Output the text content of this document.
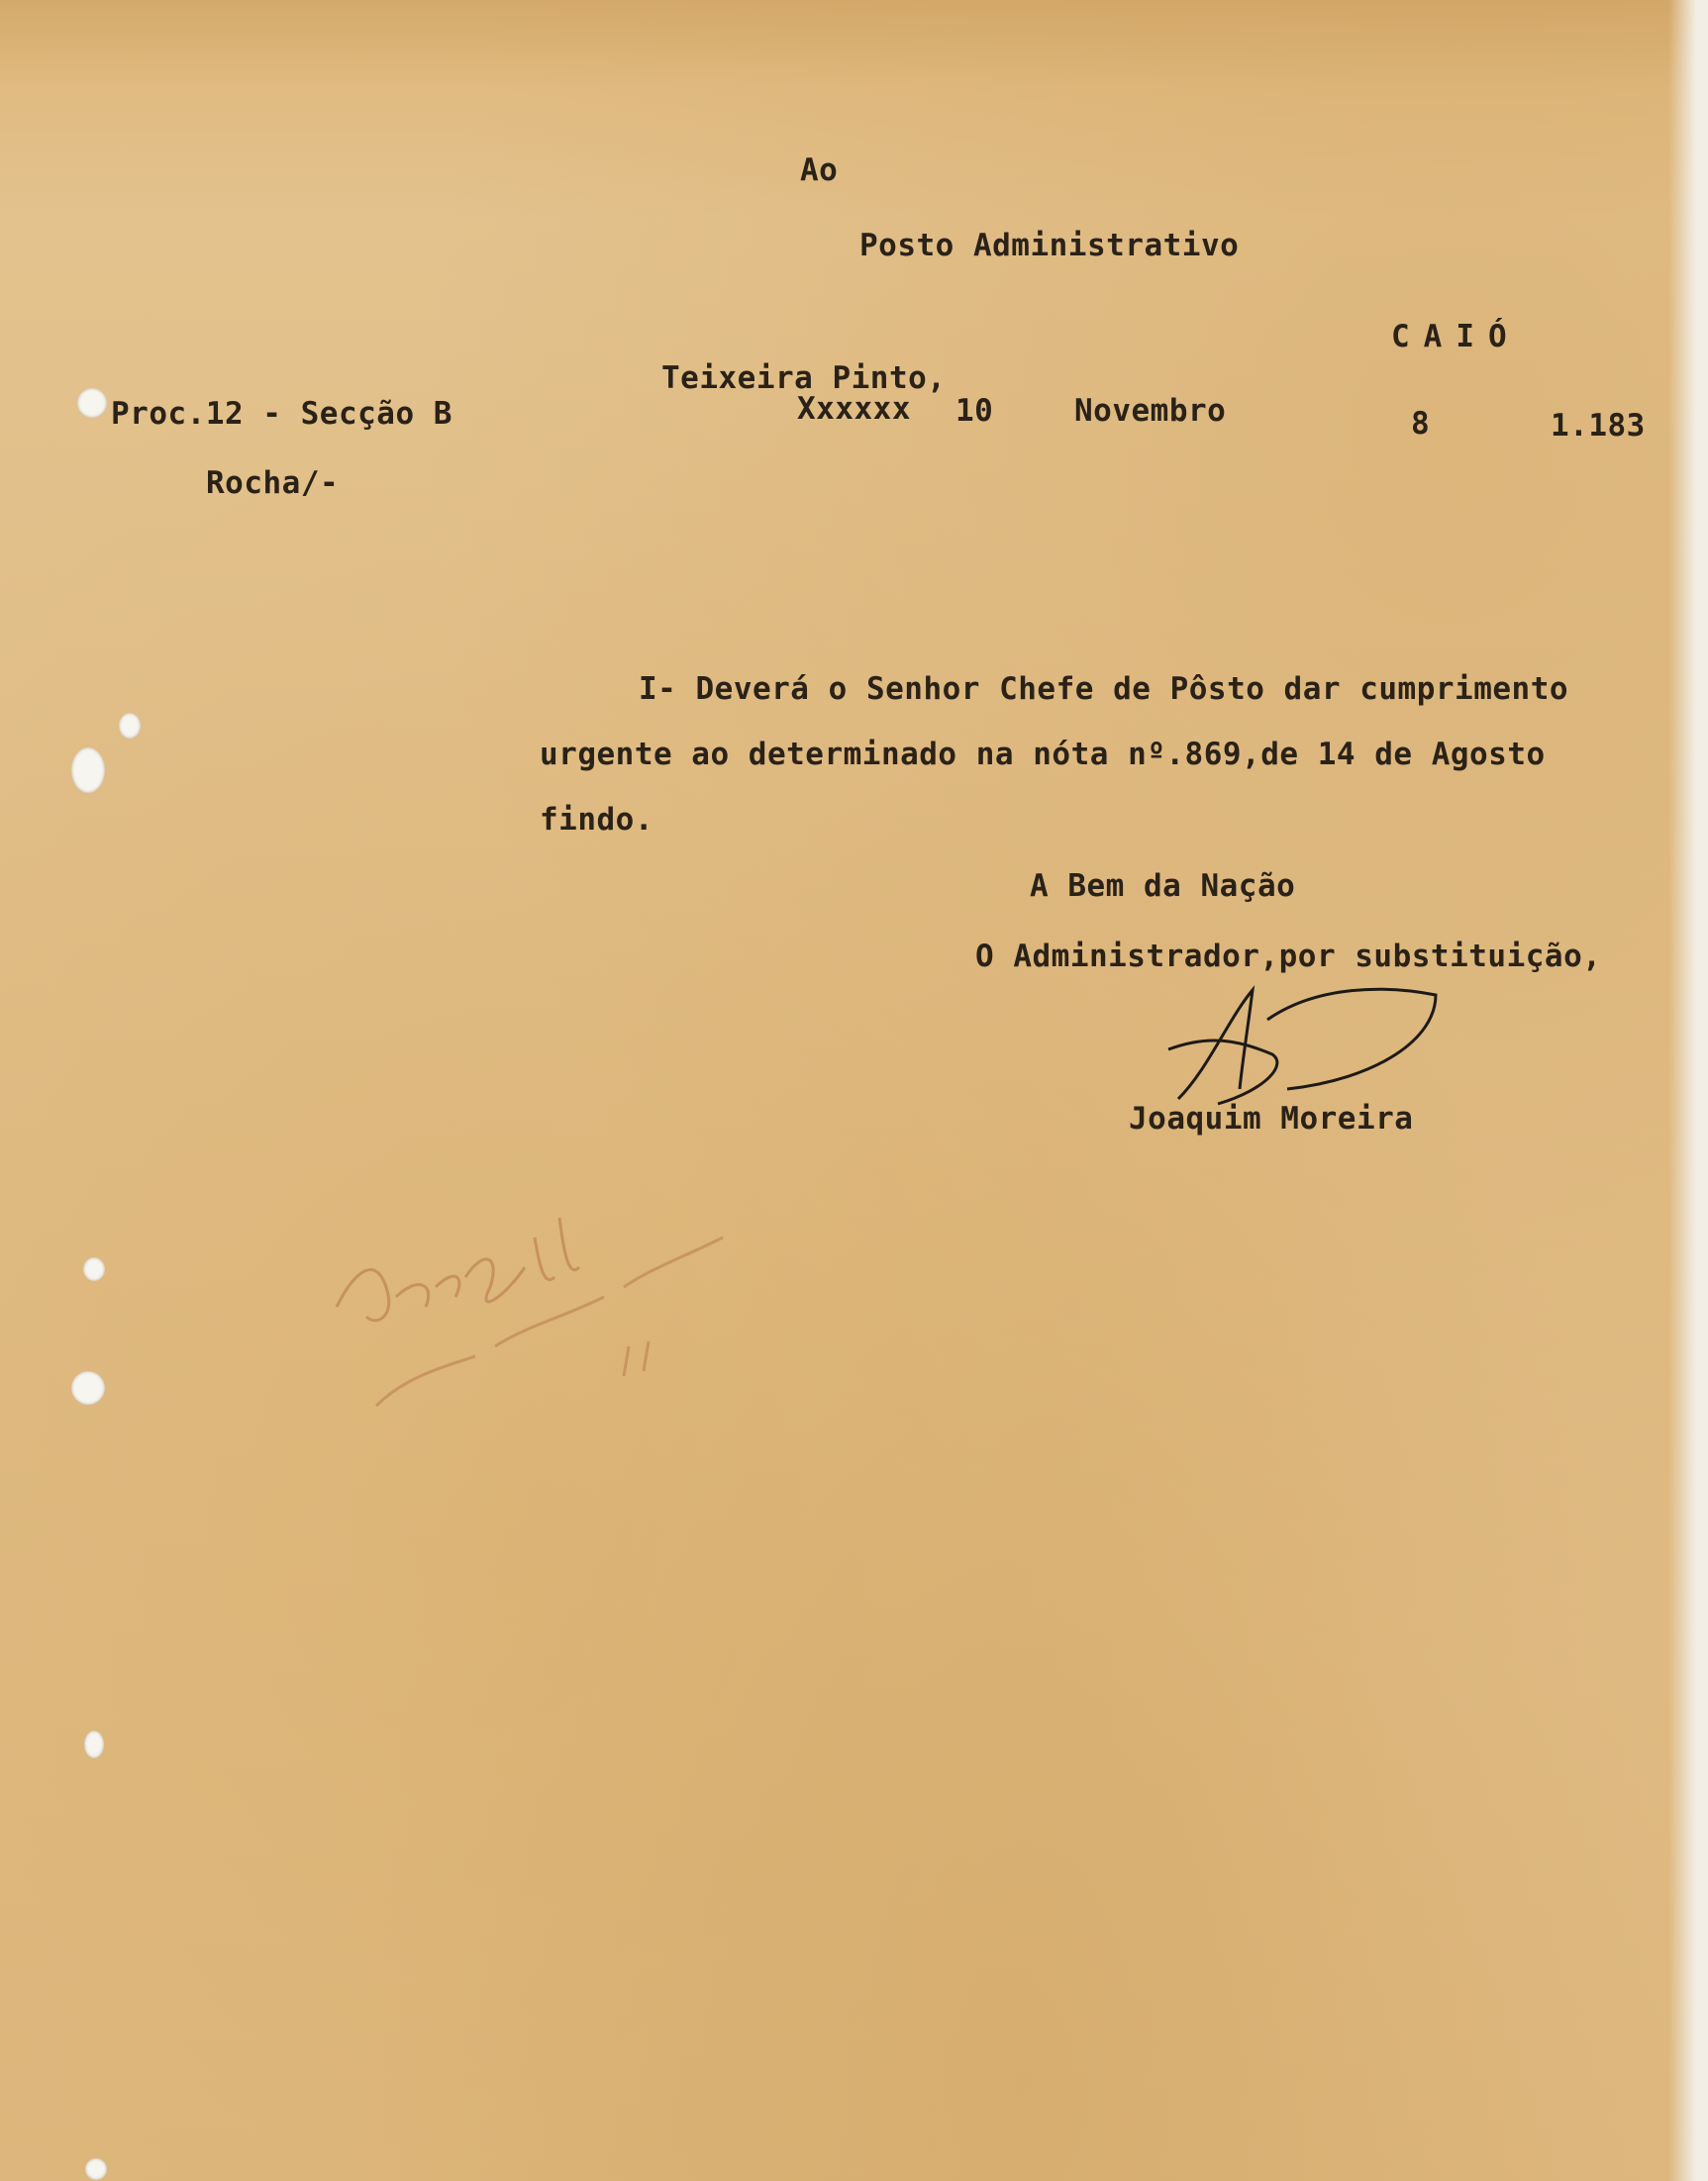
Ao
Posto Administrativo
CAIÓ
Teixeira Pinto,
Xxxxxx 10	Novembro	8	1.183
Proc.12 - Secção B
Rocha/-
I- Deverá o Senhor Chefe de Pôsto dar cumprimento
urgente ao determinado na nóta nº.869,de 14 de Agosto
findo.
A Bem da Nação
O Administrador,por substituição,
Joaquim Moreira
